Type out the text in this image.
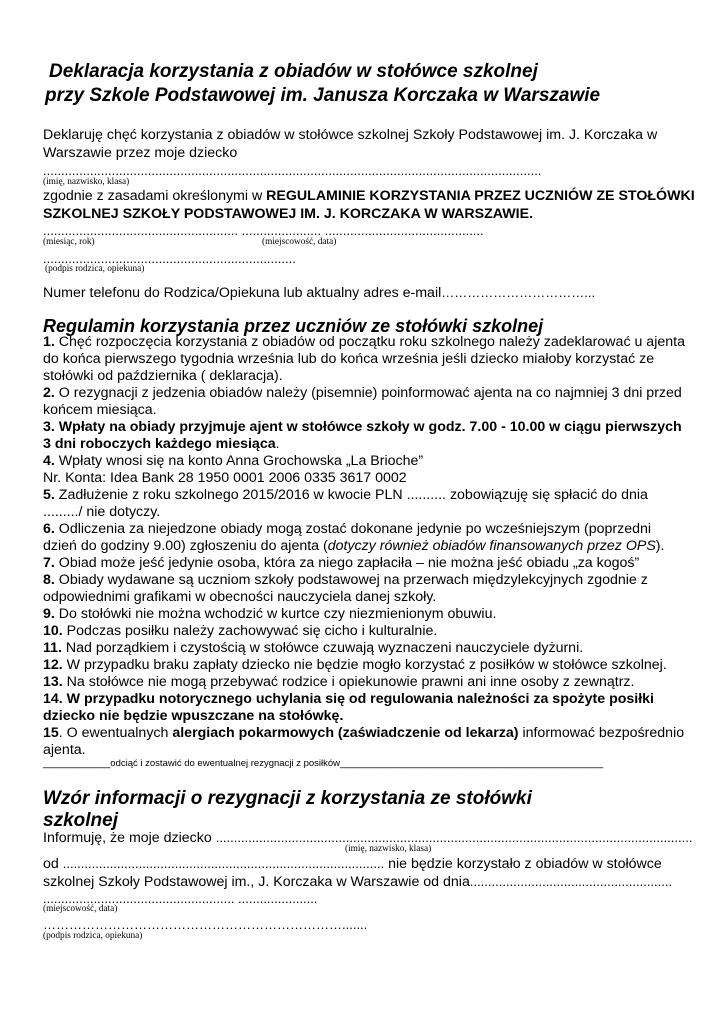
Deklaracja korzystania z obiadów w stołówce szkolnej
przy Szkole Podstawowej im. Janusza Korczaka w Warszawie
Deklaruję chęć korzystania z obiadów w stołówce szkolnej Szkoły Podstawowej im. J. Korczaka w
Warszawie przez moje dziecko
..........................................................................................................................................
(imię, nazwisko, klasa)
zgodnie z zasadami określonymi w REGULAMINIE KORZYSTANIA PRZEZ UCZNIÓW ZE STOŁÓWKI
SZKOLNEJ SZKOŁY PODSTAWOWEJ IM. J. KORCZAKA W WARSZAWIE.
...................................................... ...................... ............................................
(miesiąc, rok)	(miejscowość, data)
......................................................................
(podpis rodzica, opiekuna)
Numer telefonu do Rodzica/Opiekuna lub aktualny adres e-mail……………………………...
Regulamin korzystania przez uczniów ze stołówki szkolnej
1. Chęć rozpoczęcia korzystania z obiadów od początku roku szkolnego należy zadeklarować u ajenta
do końca pierwszego tygodnia września lub do końca września jeśli dziecko miałoby korzystać ze
stołówki od października ( deklaracja).
2. O rezygnacji z jedzenia obiadów należy (pisemnie) poinformować ajenta na co najmniej 3 dni przed
końcem miesiąca.
3. Wpłaty na obiady przyjmuje ajent w stołówce szkoły w godz. 7.00 - 10.00 w ciągu pierwszych
3 dni roboczych każdego miesiąca.
4. Wpłaty wnosi się na konto Anna Grochowska „La Brioche”
Nr. Konta: Idea Bank 28 1950 0001 2006 0335 3617 0002
5. Zadłużenie z roku szkolnego 2015/2016 w kwocie PLN .......... zobowiązuję się spłacić do dnia
........./ nie dotyczy.
6. Odliczenia za niejedzone obiady mogą zostać dokonane jedynie po wcześniejszym (poprzedni
dzień do godziny 9.00) zgłoszeniu do ajenta (dotyczy również obiadów finansowanych przez OPS).
7. Obiad może jeść jedynie osoba, która za niego zapłaciła – nie można jeść obiadu „za kogoś”
8. Obiady wydawane są uczniom szkoły podstawowej na przerwach międzylekcyjnych zgodnie z
odpowiednimi grafikami w obecności nauczyciela danej szkoły.
9. Do stołówki nie można wchodzić w kurtce czy niezmienionym obuwiu.
10. Podczas posiłku należy zachowywać się cicho i kulturalnie.
11. Nad porządkiem i czystością w stołówce czuwają wyznaczeni nauczyciele dyżurni.
12. W przypadku braku zapłaty dziecko nie będzie mogło korzystać z posiłków w stołówce szkolnej.
13. Na stołówce nie mogą przebywać rodzice i opiekunowie prawni ani inne osoby z zewnątrz.
14. W przypadku notorycznego uchylania się od regulowania należności za spożyte posiłki
dziecko nie będzie wpuszczane na stołówkę.
15. O ewentualnych alergiach pokarmowych (zaświadczenie od lekarza) informować bezpośrednio
ajenta.
___________odciąć i zostawić do ewentualnej rezygnacji z posiłków___________________________________________
Wzór informacji o rezygnacji z korzystania ze stołówki
szkolnej
Informuję, że moje dziecko ....................................................................................................................................
(imię, nazwisko, klasa)
od ......................................................................................... nie będzie korzystało z obiadów w stołówce
szkolnej Szkoły Podstawowej im., J. Korczaka w Warszawie od dnia........................................................
..................................................... ......................
(miejscowość, data)
…………………………………………………………….......
(podpis rodzica, opiekuna)
